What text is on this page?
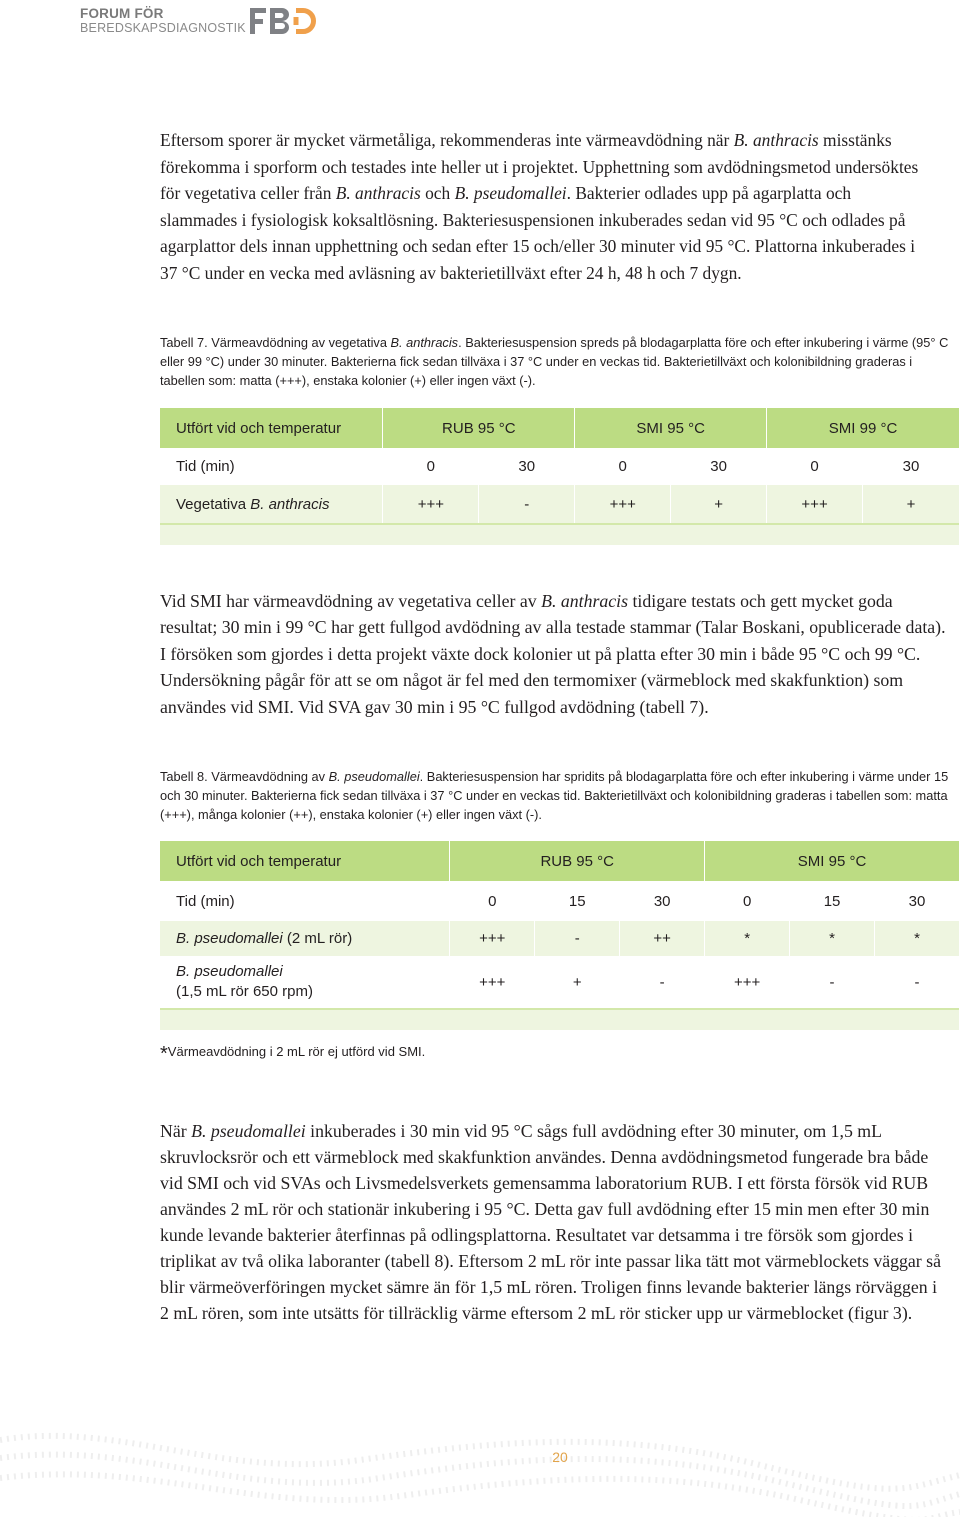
FORUM FÖR
BEREDSKAPSDIAGNOSTIK
Eftersom sporer är mycket värmetåliga, rekommenderas inte värmeavdödning när B. anthracis misstänks förekomma i sporform och testades inte heller ut i projektet. Upphettning som avdödningsmetod undersöktes för vegetativa celler från B. anthracis och B. pseudomallei. Bakterier odlades upp på agarplatta och slammades i fysiologisk koksaltlösning. Bakteriesuspensionen inkuberades sedan vid 95 °C och odlades på agarplattor dels innan upphettning och sedan efter 15 och/eller 30 minuter vid 95 °C. Plattorna inkuberades i 37 °C under en vecka med avläsning av bakterietillväxt efter 24 h, 48 h och 7 dygn.
Tabell 7. Värmeavdödning av vegetativa B. anthracis. Bakteriesuspension spreds på blodagarplatta före och efter inkubering i värme (95° C eller 99 °C) under 30 minuter. Bakterierna fick sedan tillväxa i 37 °C under en veckas tid. Bakterietillväxt och kolonibildning graderas i tabellen som: matta (+++), enstaka kolonier (+) eller ingen växt (-).
Utfört vid och temperatur	RUB 95 °C		SMI 95 °C		SMI 99 °C	
Tid (min)	0	30	0	30	0	30
Vegetativa B. anthracis	+++	-	+++	+	+++	+

Vid SMI har värmeavdödning av vegetativa celler av B. anthracis tidigare testats och gett mycket goda resultat; 30 min i 99 °C har gett fullgod avdödning av alla testade stammar (Talar Boskani, opublicerade data). I försöken som gjordes i detta projekt växte dock kolonier ut på platta efter 30 min i både 95 °C och 99 °C. Undersökning pågår för att se om något är fel med den termomixer (värmeblock med skakfunktion) som användes vid SMI. Vid SVA gav 30 min i 95 °C fullgod avdödning (tabell 7).
Tabell 8. Värmeavdödning av B. pseudomallei. Bakteriesuspension har spridits på blodagarplatta före och efter inkubering i värme under 15 och 30 minuter. Bakterierna fick sedan tillväxa i 37 °C under en veckas tid. Bakterietillväxt och kolonibildning graderas i tabellen som: matta (+++), många kolonier (++), enstaka kolonier (+) eller ingen växt (-).
Utfört vid och temperatur	RUB 95 °C			SMI 95 °C		
Tid (min)	0	15	30	0	15	30
B. pseudomallei (2 mL rör)	+++	-	++	*	*	*
B. pseudomallei
(1,5 mL rör 650 rpm)	+++	+	-	+++	-	-

*Värmeavdödning i 2 mL rör ej utförd vid SMI.
När B. pseudomallei inkuberades i 30 min vid 95 °C sågs full avdödning efter 30 minuter, om 1,5 mL skruvlocksrör och ett värmeblock med skakfunktion användes. Denna avdödningsmetod fungerade bra både vid SMI och vid SVAs och Livsmedelsverkets gemensamma laboratorium RUB. I ett första försök vid RUB användes 2 mL rör och stationär inkubering i 95 °C. Detta gav full avdödning efter 15 min men efter 30 min kunde levande bakterier återfinnas på odlingsplattorna. Resultatet var detsamma i tre försök som gjordes i triplikat av två olika laboranter (tabell 8). Eftersom 2 mL rör inte passar lika tätt mot värmeblockets väggar så blir värmeöverföringen mycket sämre än för 1,5 mL rören. Troligen finns levande bakterier längs rörväggen i 2 mL rören, som inte utsätts för tillräcklig värme eftersom 2 mL rör sticker upp ur värmeblocket (figur 3).
20
